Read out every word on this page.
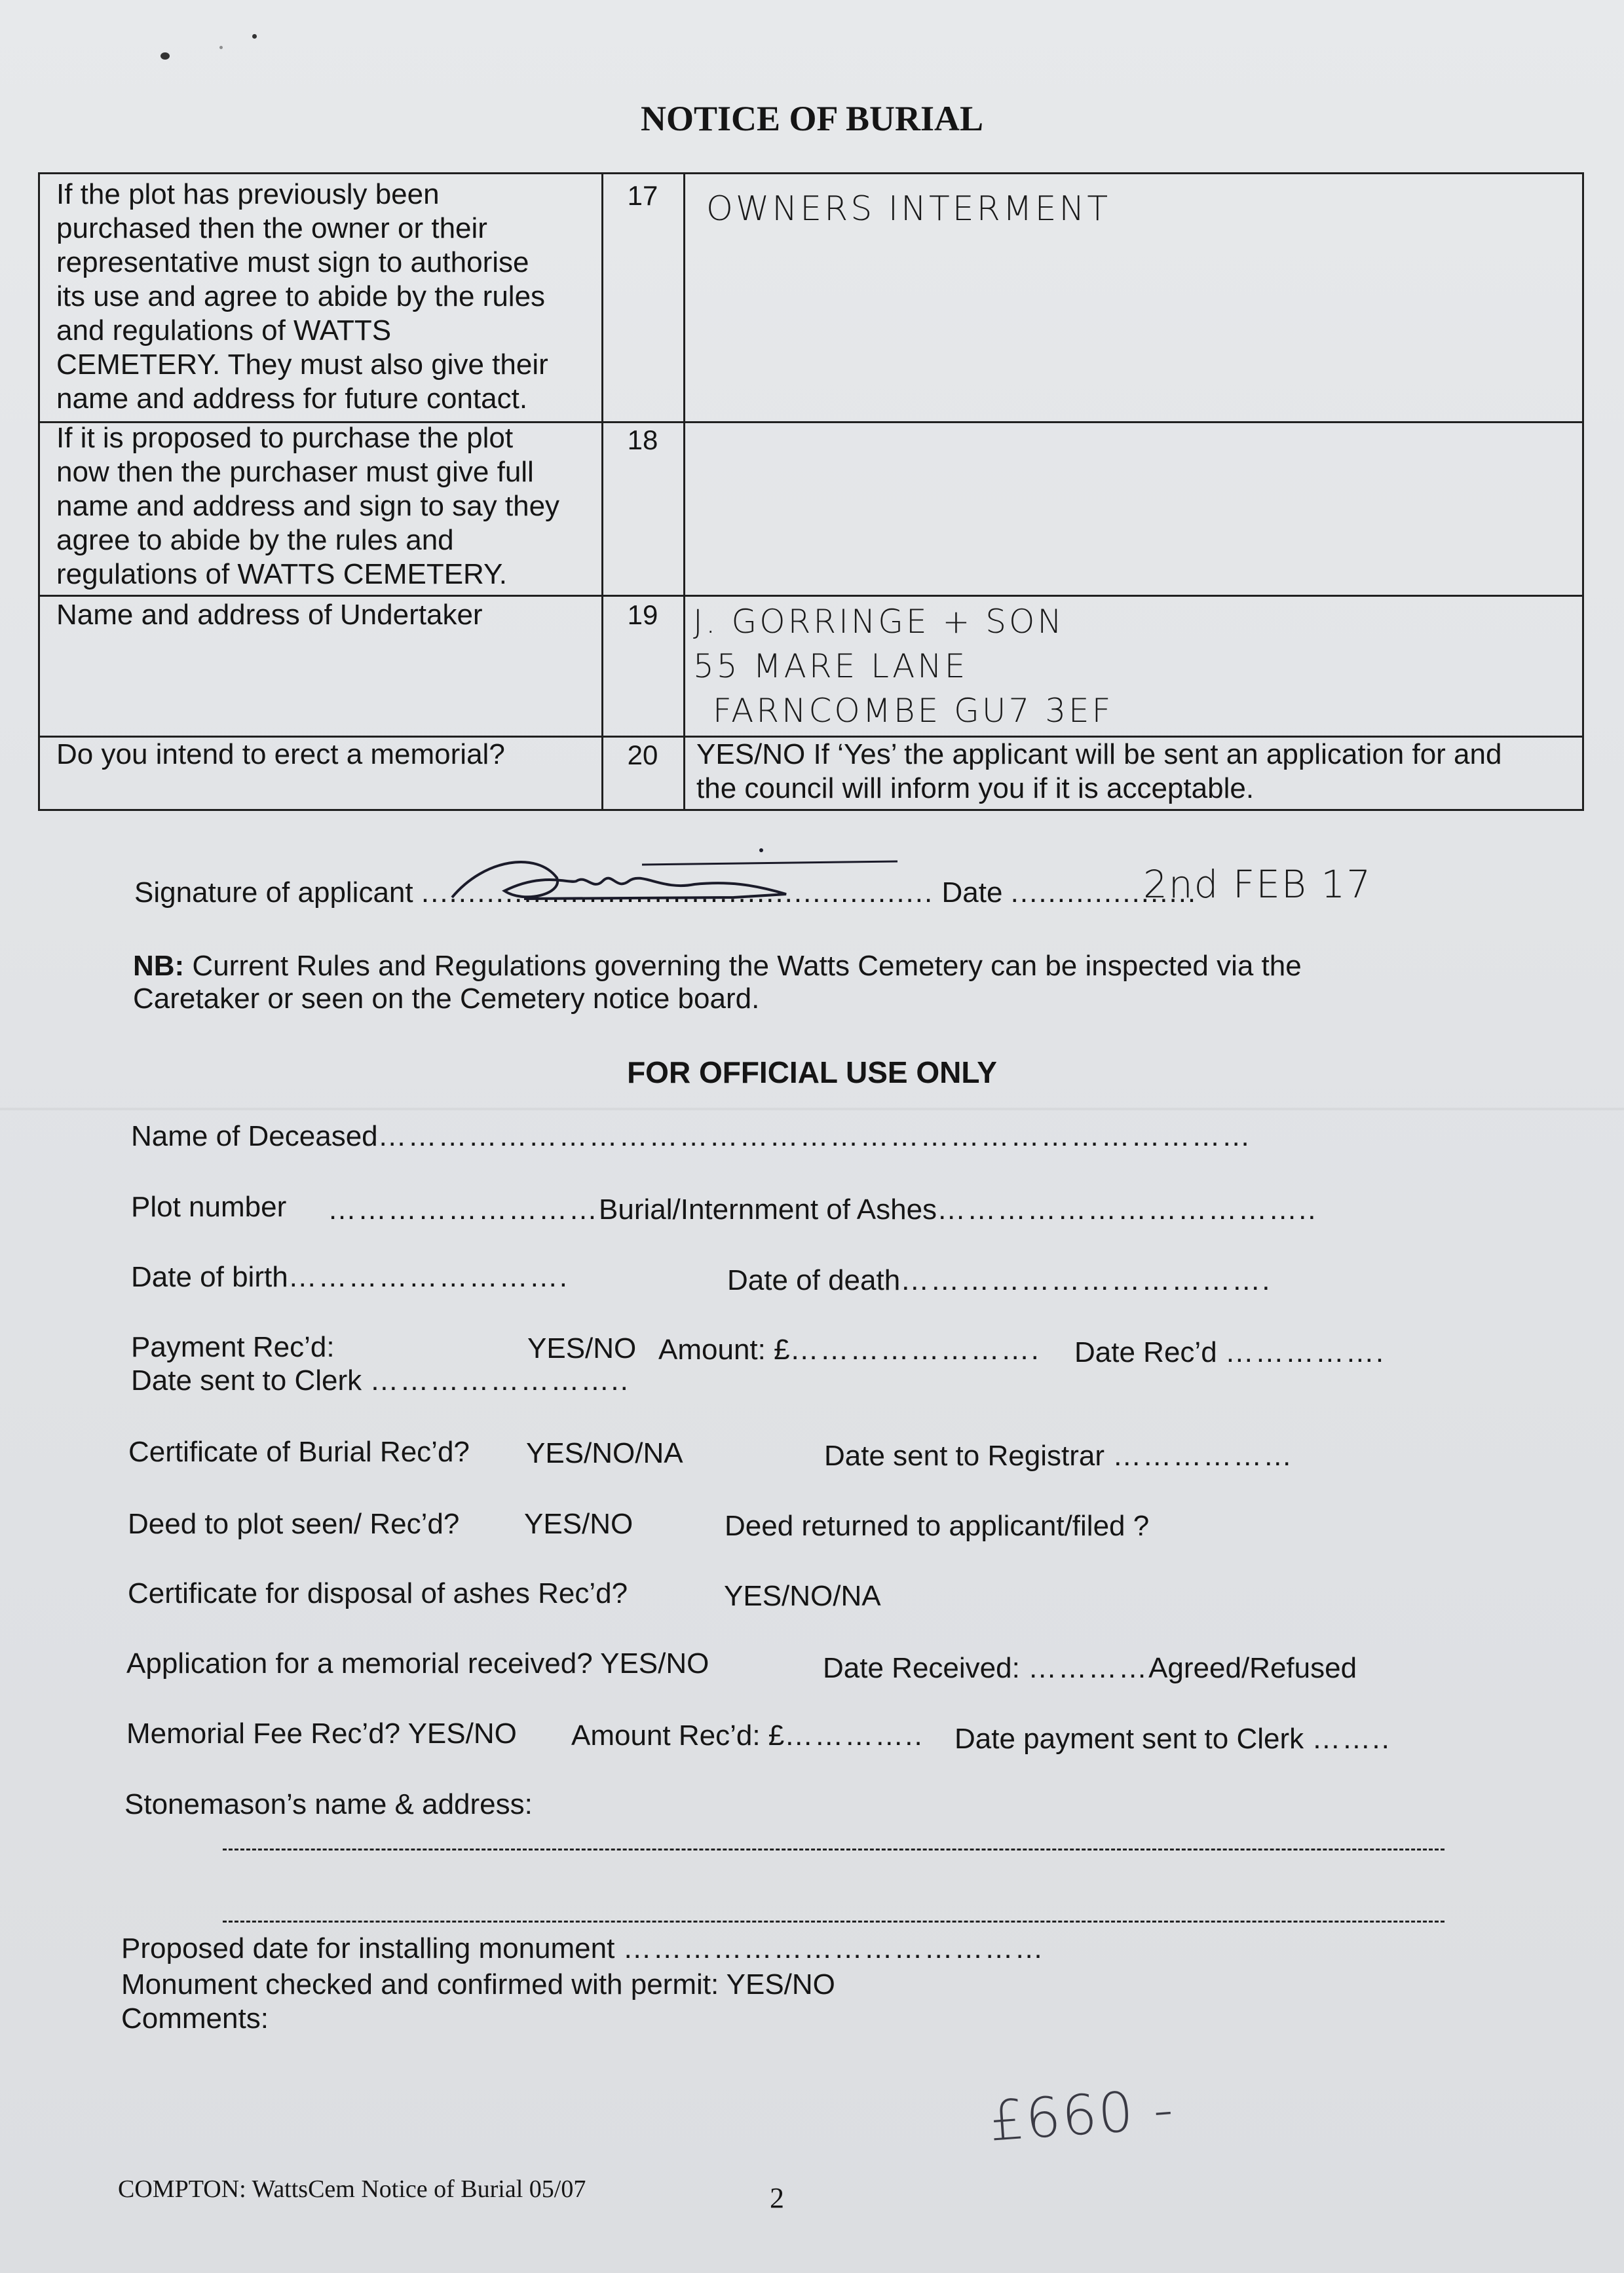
NOTICE OF BURIAL
If the plot has previously been
purchased then the owner or their
representative must sign to authorise
its use and agree to abide by the rules
and regulations of WATTS
CEMETERY. They must also give their
name and address for future contact.
17	OWNERS INTERMENT
If it is proposed to purchase the plot
now then the purchaser must give full
name and address and sign to say they
agree to abide by the rules and
regulations of WATTS CEMETERY.
18
Name and address of Undertaker	19	J. GORRINGE + SON
55 MARE LANE
FARNCOMBE GU7 3EF
Do you intend to erect a memorial?	20	YES/NO If ‘Yes’ the applicant will be sent an application for and
the council will inform you if it is acceptable.
Signature of applicant ....................................................... Date ....................
2nd FEB 17
NB: Current Rules and Regulations governing the Watts Cemetery can be inspected via the
Caretaker or seen on the Cemetery notice board.
FOR OFFICIAL USE ONLY
Name of Deceased……………………………………………………………………………
Plot number ………………………Burial/Internment of Ashes………………………………..
Date of birth……………………….	Date of death……………………………….
Payment Rec’d:	YES/NO Amount: £……………………. Date Rec’d …………….
Date sent to Clerk ……………………..
Certificate of Burial Rec’d? YES/NO/NA	Date sent to Registrar ………………
Deed to plot seen/ Rec’d? YES/NO	Deed returned to applicant/filed ?
Certificate for disposal of ashes Rec’d?	YES/NO/NA
Application for a memorial received? YES/NO	Date Received: …………Agreed/Refused
Memorial Fee Rec’d? YES/NO Amount Rec’d: £………….. Date payment sent to Clerk ……..
Stonemason’s name & address:
Proposed date for installing monument ……………………………………
Monument checked and confirmed with permit: YES/NO
Comments:
£660 -
COMPTON: WattsCem Notice of Burial 05/07	2
